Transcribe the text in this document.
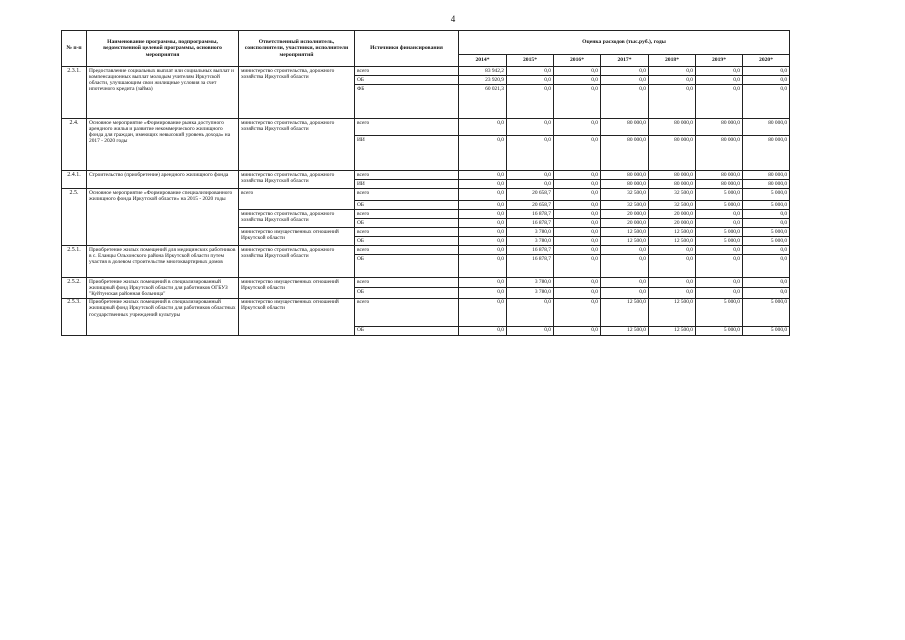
4
№ п-п	Наименование программы, подпрограммы, ведомственной целевой программы, основного мероприятия	Ответственный исполнитель, соисполнители, участники, исполнители мероприятий	Источники финансирования	Оценка расходов (тыс.руб.), годы						
				2014*	2015*	2016*	2017*	2018*	2019*	2020*
2.3.1.	Предоставление социальных выплат или социальных выплат и компенсационных выплат молодым учителям Иркутской области, улучшающим свои жилищные условия за счет ипотечного кредита (займа)	министерство строительства, дорожного хозяйства Иркутской области	всего	83 942,2	0,0	0,0	0,0	0,0	0,0	0,0
			ОБ	23 920,9	0,0	0,0	0,0	0,0	0,0	0,0
			ФБ	60 021,3	0,0	0,0	0,0	0,0	0,0	0,0
2.4.	Основное мероприятие «Формирование рынка доступного арендного жилья и развитие некоммерческого жилищного фонда для граждан, имеющих невысокий уровень дохода» на 2017 - 2020 годы	министерство строительства, дорожного хозяйства Иркутской области	всего	0,0	0,0	0,0	80 000,0	80 000,0	80 000,0	80 000,0
			ИИ	0,0	0,0	0,0	80 000,0	80 000,0	80 000,0	80 000,0
2.4.1.	Строительство (приобретение) арендного жилищного фонда	министерство строительства, дорожного хозяйства Иркутской области	всего	0,0	0,0	0,0	80 000,0	80 000,0	80 000,0	80 000,0
			ИИ	0,0	0,0	0,0	80 000,0	80 000,0	80 000,0	80 000,0
2.5.	Основное мероприятие «Формирование специализированного жилищного фонда Иркутской области» на 2015 - 2020 годы	всего	всего	0,0	20 658,7	0,0	32 500,0	32 500,0	5 000,0	5 000,0
			ОБ	0,0	20 658,7	0,0	32 500,0	32 500,0	5 000,0	5 000,0
		министерство строительства, дорожного хозяйства Иркутской области	всего	0,0	16 878,7	0,0	20 000,0	20 000,0	0,0	0,0
			ОБ	0,0	16 878,7	0,0	20 000,0	20 000,0	0,0	0,0
		министерство имущественных отношений Иркутской области	всего	0,0	3 780,0	0,0	12 500,0	12 500,0	5 000,0	5 000,0
			ОБ	0,0	3 780,0	0,0	12 500,0	12 500,0	5 000,0	5 000,0
2.5.1.	Приобретение жилых помещений для медицинских работников в с. Еланцы Ольхонского района Иркутской области путем участия в долевом строительстве многоквартирных домов	министерство строительства, дорожного хозяйства Иркутской области	всего	0,0	16 878,7	0,0	0,0	0,0	0,0	0,0
			ОБ	0,0	16 878,7	0,0	0,0	0,0	0,0	0,0
2.5.2.	Приобретение жилых помещений в специализированный жилищный фонд Иркутской области для работников ОГБУЗ "Куйтунская районная больница"	министерство имущественных отношений Иркутской области	всего	0,0	3 780,0	0,0	0,0	0,0	0,0	0,0
			ОБ	0,0	3 780,0	0,0	0,0	0,0	0,0	0,0
2.5.3.	Приобретение жилых помещений в специализированный жилищный фонд Иркутской области для работников областных государственных учреждений культуры	министерство имущественных отношений Иркутской области	всего	0,0	0,0	0,0	12 500,0	12 500,0	5 000,0	5 000,0
			ОБ	0,0	0,0	0,0	12 500,0	12 500,0	5 000,0	5 000,0
